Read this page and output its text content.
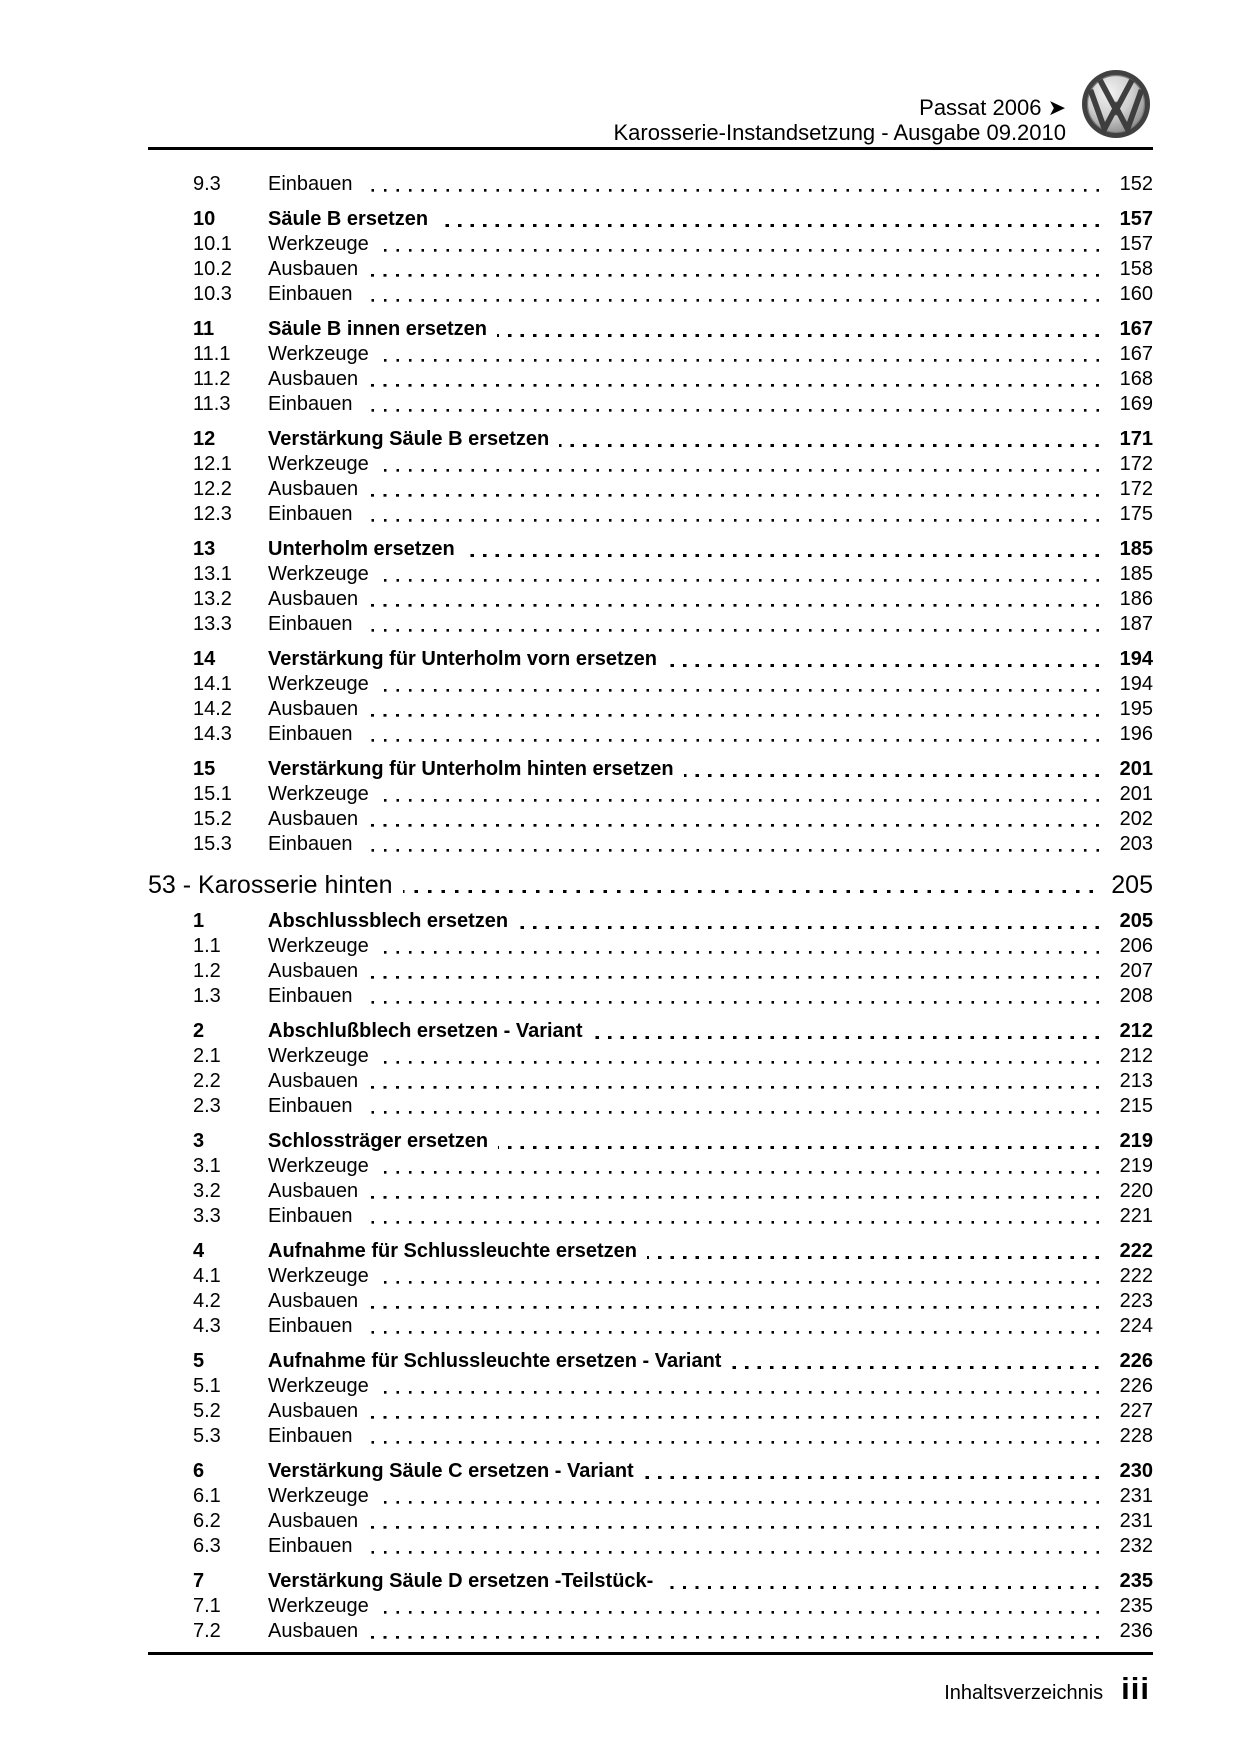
Passat 2006 ➤
Karosserie-Instandsetzung - Ausgabe 09.2010
9.3	Einbauen	152
10	Säule B ersetzen	157
10.1	Werkzeuge	157
10.2	Ausbauen	158
10.3	Einbauen	160
11	Säule B innen ersetzen	167
11.1	Werkzeuge	167
11.2	Ausbauen	168
11.3	Einbauen	169
12	Verstärkung Säule B ersetzen	171
12.1	Werkzeuge	172
12.2	Ausbauen	172
12.3	Einbauen	175
13	Unterholm ersetzen	185
13.1	Werkzeuge	185
13.2	Ausbauen	186
13.3	Einbauen	187
14	Verstärkung für Unterholm vorn ersetzen	194
14.1	Werkzeuge	194
14.2	Ausbauen	195
14.3	Einbauen	196
15	Verstärkung für Unterholm hinten ersetzen	201
15.1	Werkzeuge	201
15.2	Ausbauen	202
15.3	Einbauen	203
53 - Karosserie hinten	205
1	Abschlussblech ersetzen	205
1.1	Werkzeuge	206
1.2	Ausbauen	207
1.3	Einbauen	208
2	Abschlußblech ersetzen - Variant	212
2.1	Werkzeuge	212
2.2	Ausbauen	213
2.3	Einbauen	215
3	Schlossträger ersetzen	219
3.1	Werkzeuge	219
3.2	Ausbauen	220
3.3	Einbauen	221
4	Aufnahme für Schlussleuchte ersetzen	222
4.1	Werkzeuge	222
4.2	Ausbauen	223
4.3	Einbauen	224
5	Aufnahme für Schlussleuchte ersetzen - Variant	226
5.1	Werkzeuge	226
5.2	Ausbauen	227
5.3	Einbauen	228
6	Verstärkung Säule C ersetzen - Variant	230
6.1	Werkzeuge	231
6.2	Ausbauen	231
6.3	Einbauen	232
7	Verstärkung Säule D ersetzen -Teilstück-	235
7.1	Werkzeuge	235
7.2	Ausbauen	236
Inhaltsverzeichnis iii
